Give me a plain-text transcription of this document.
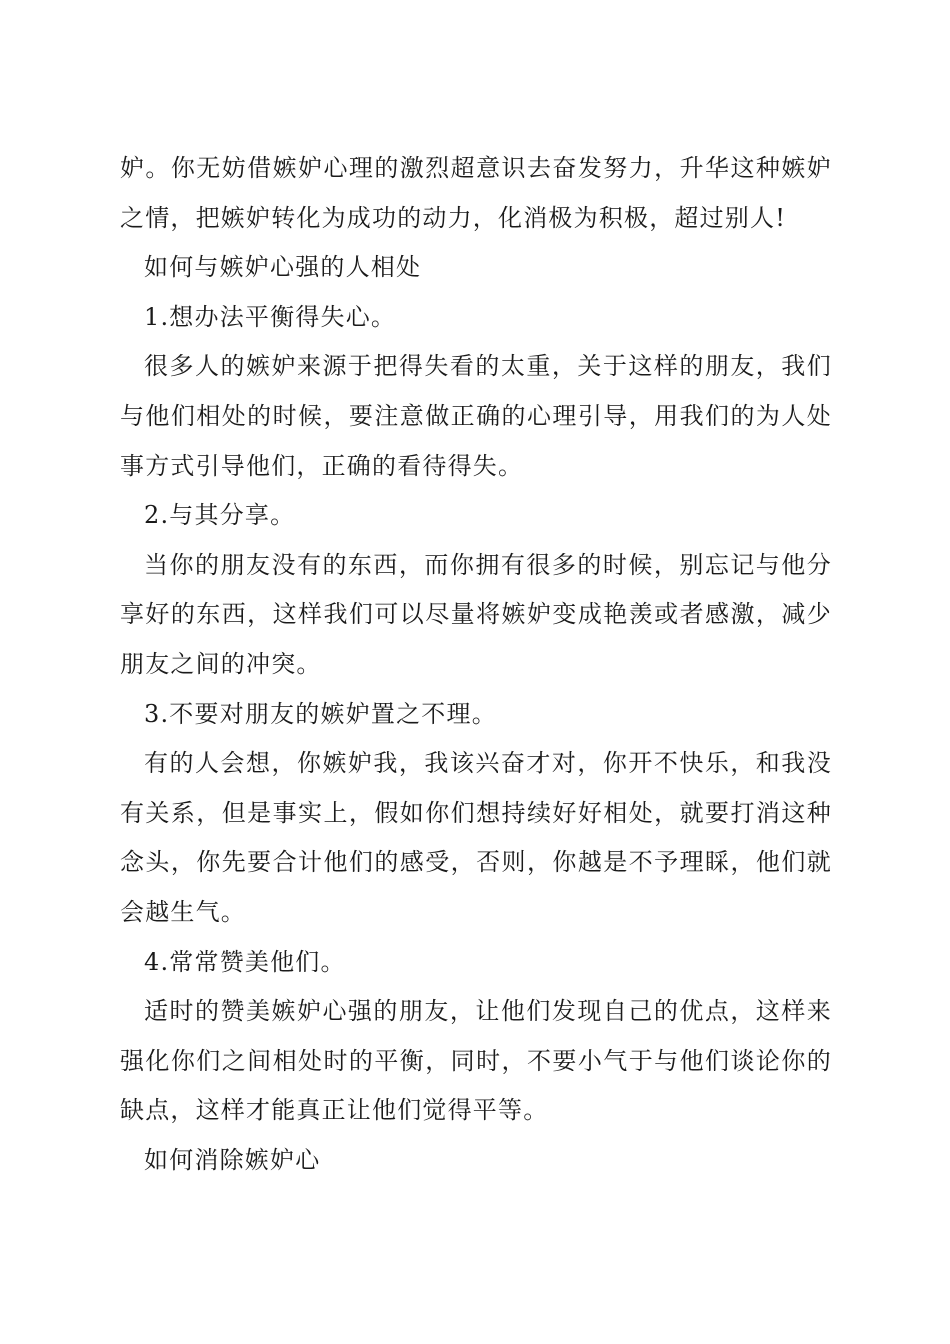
妒。你无妨借嫉妒心理的激烈超意识去奋发努力，升华这种嫉妒之情，把嫉妒转化为成功的动力，化消极为积极，超过别人!

如何与嫉妒心强的人相处

1.想办法平衡得失心。

很多人的嫉妒来源于把得失看的太重，关于这样的朋友，我们与他们相处的时候，要注意做正确的心理引导，用我们的为人处事方式引导他们，正确的看待得失。

2.与其分享。

当你的朋友没有的东西，而你拥有很多的时候，别忘记与他分享好的东西，这样我们可以尽量将嫉妒变成艳羡或者感激，减少朋友之间的冲突。

3.不要对朋友的嫉妒置之不理。

有的人会想，你嫉妒我，我该兴奋才对，你开不快乐，和我没有关系，但是事实上，假如你们想持续好好相处，就要打消这种念头，你先要合计他们的感受，否则，你越是不予理睬，他们就会越生气。

4.常常赞美他们。

适时的赞美嫉妒心强的朋友，让他们发现自己的优点，这样来强化你们之间相处时的平衡，同时，不要小气于与他们谈论你的缺点，这样才能真正让他们觉得平等。

如何消除嫉妒心
